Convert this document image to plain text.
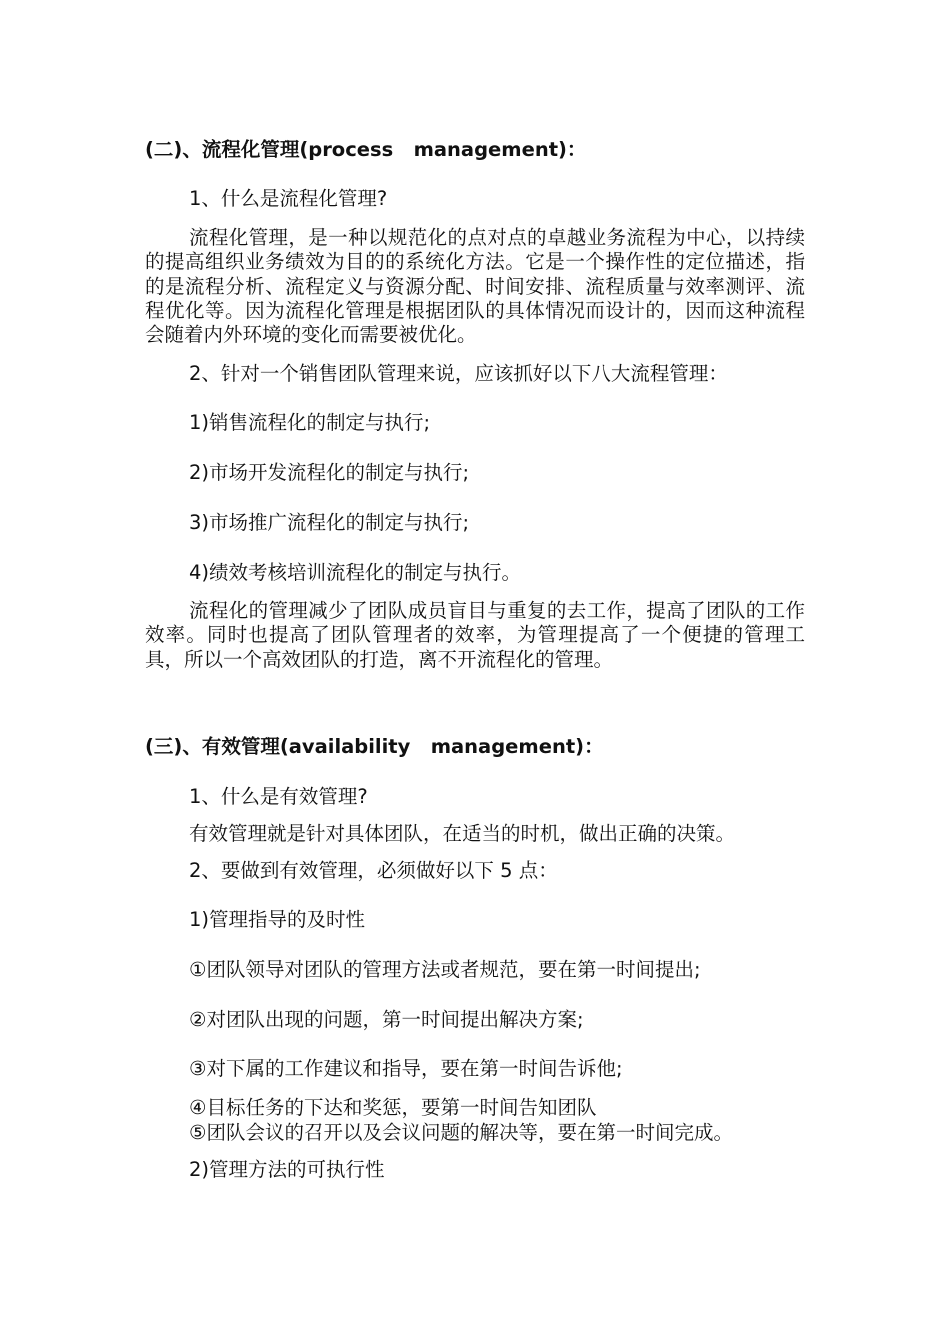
(二)、流程化管理(process   management)：

1、什么是流程化管理?

流程化管理，是一种以规范化的点对点的卓越业务流程为中心，以持续的提高组织业务绩效为目的的系统化方法。它是一个操作性的定位描述，指的是流程分析、流程定义与资源分配、时间安排、流程质量与效率测评、流程优化等。因为流程化管理是根据团队的具体情况而设计的，因而这种流程会随着内外环境的变化而需要被优化。

2、针对一个销售团队管理来说，应该抓好以下八大流程管理：

1)销售流程化的制定与执行;

2)市场开发流程化的制定与执行;

3)市场推广流程化的制定与执行;

4)绩效考核培训流程化的制定与执行。

流程化的管理减少了团队成员盲目与重复的去工作，提高了团队的工作效率。同时也提高了团队管理者的效率，为管理提高了一个便捷的管理工具，所以一个高效团队的打造，离不开流程化的管理。

(三)、有效管理(availability   management)：

1、什么是有效管理?

有效管理就是针对具体团队，在适当的时机，做出正确的决策。

2、要做到有效管理，必须做好以下 5 点：

1)管理指导的及时性

①团队领导对团队的管理方法或者规范，要在第一时间提出;

②对团队出现的问题，第一时间提出解决方案;

③对下属的工作建议和指导，要在第一时间告诉他;

④目标任务的下达和奖惩，要第一时间告知团队

⑤团队会议的召开以及会议问题的解决等，要在第一时间完成。

2)管理方法的可执行性
